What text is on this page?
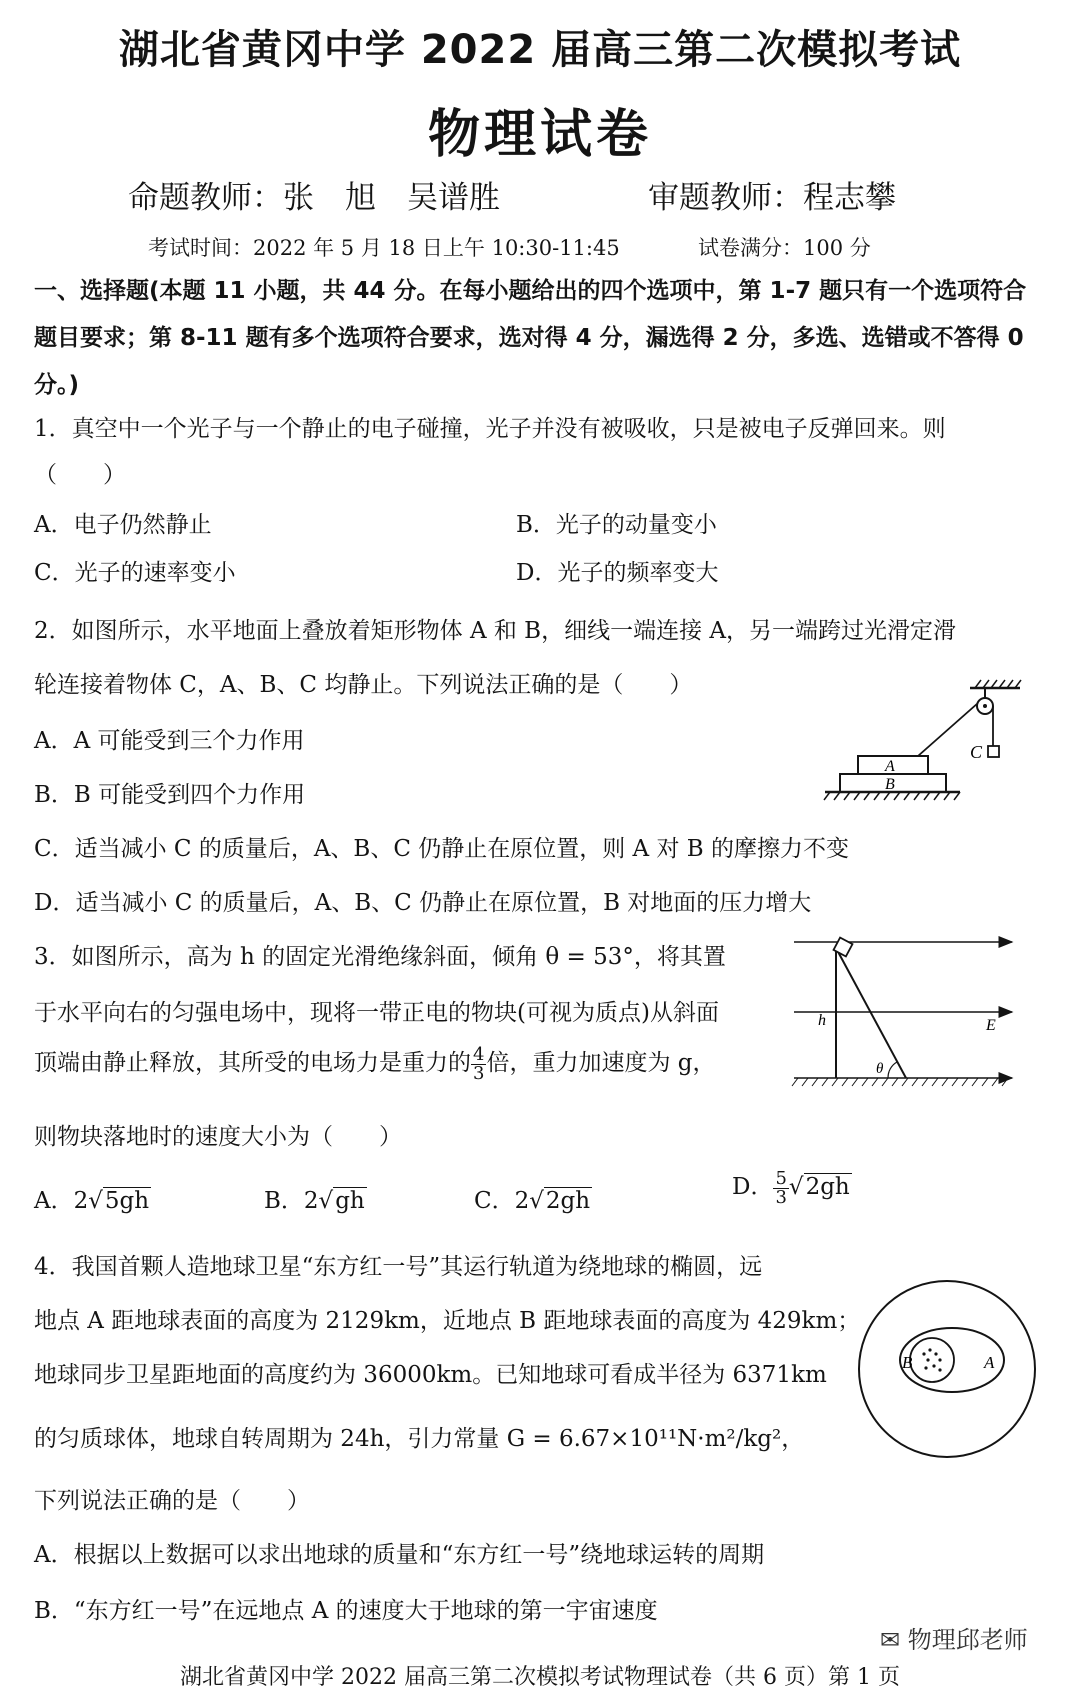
湖北省黄冈中学 2022 届高三第二次模拟考试
物理试卷
命题教师：张　旭　吴谱胜	审题教师：程志攀
考试时间：2022 年 5 月 18 日上午 10:30-11:45	试卷满分：100 分
一、选择题(本题 11 小题，共 44 分。在每小题给出的四个选项中，第 1-7 题只有一个选项符合题目要求；第 8-11 题有多个选项符合要求，选对得 4 分，漏选得 2 分，多选、选错或不答得 0 分。)
1．真空中一个光子与一个静止的电子碰撞，光子并没有被吸收，只是被电子反弹回来。则
（　　）
A．电子仍然静止	B．光子的动量变小
C．光子的速率变小	D．光子的频率变大
2．如图所示，水平地面上叠放着矩形物体 A 和 B，细线一端连接 A，另一端跨过光滑定滑
轮连接着物体 C，A、B、C 均静止。下列说法正确的是（　　）
A．A 可能受到三个力作用
B．B 可能受到四个力作用
C．适当减小 C 的质量后，A、B、C 仍静止在原位置，则 A 对 B 的摩擦力不变
D．适当减小 C 的质量后，A、B、C 仍静止在原位置，B 对地面的压力增大
C
A
B
3．如图所示，高为 h 的固定光滑绝缘斜面，倾角 θ = 53°，将其置
于水平向右的匀强电场中，现将一带正电的物块(可视为质点)从斜面
顶端由静止释放，其所受的电场力是重力的 $\frac{4}{3}$ 倍，重力加速度为 g，
则物块落地时的速度大小为（　　）
A．2√5gh	B．2√gh	C．2√2gh
D． $\frac{5}{3} √2gh$
θ
h	E
4．我国首颗人造地球卫星“东方红一号”其运行轨道为绕地球的椭圆，远
地点 A 距地球表面的高度为 2129km，近地点 B 距地球表面的高度为 429km；
地球同步卫星距地面的高度约为 36000km。已知地球可看成半径为 6371km
的匀质球体，地球自转周期为 24h，引力常量 G = 6.67×10¹¹N·m²/kg²，
下列说法正确的是（　　）
A．根据以上数据可以求出地球的质量和“东方红一号”绕地球运转的周期
B．“东方红一号”在远地点 A 的速度大于地球的第一宇宙速度
B	A
✉ 物理邱老师
湖北省黄冈中学 2022 届高三第二次模拟考试物理试卷（共 6 页）第 1 页
